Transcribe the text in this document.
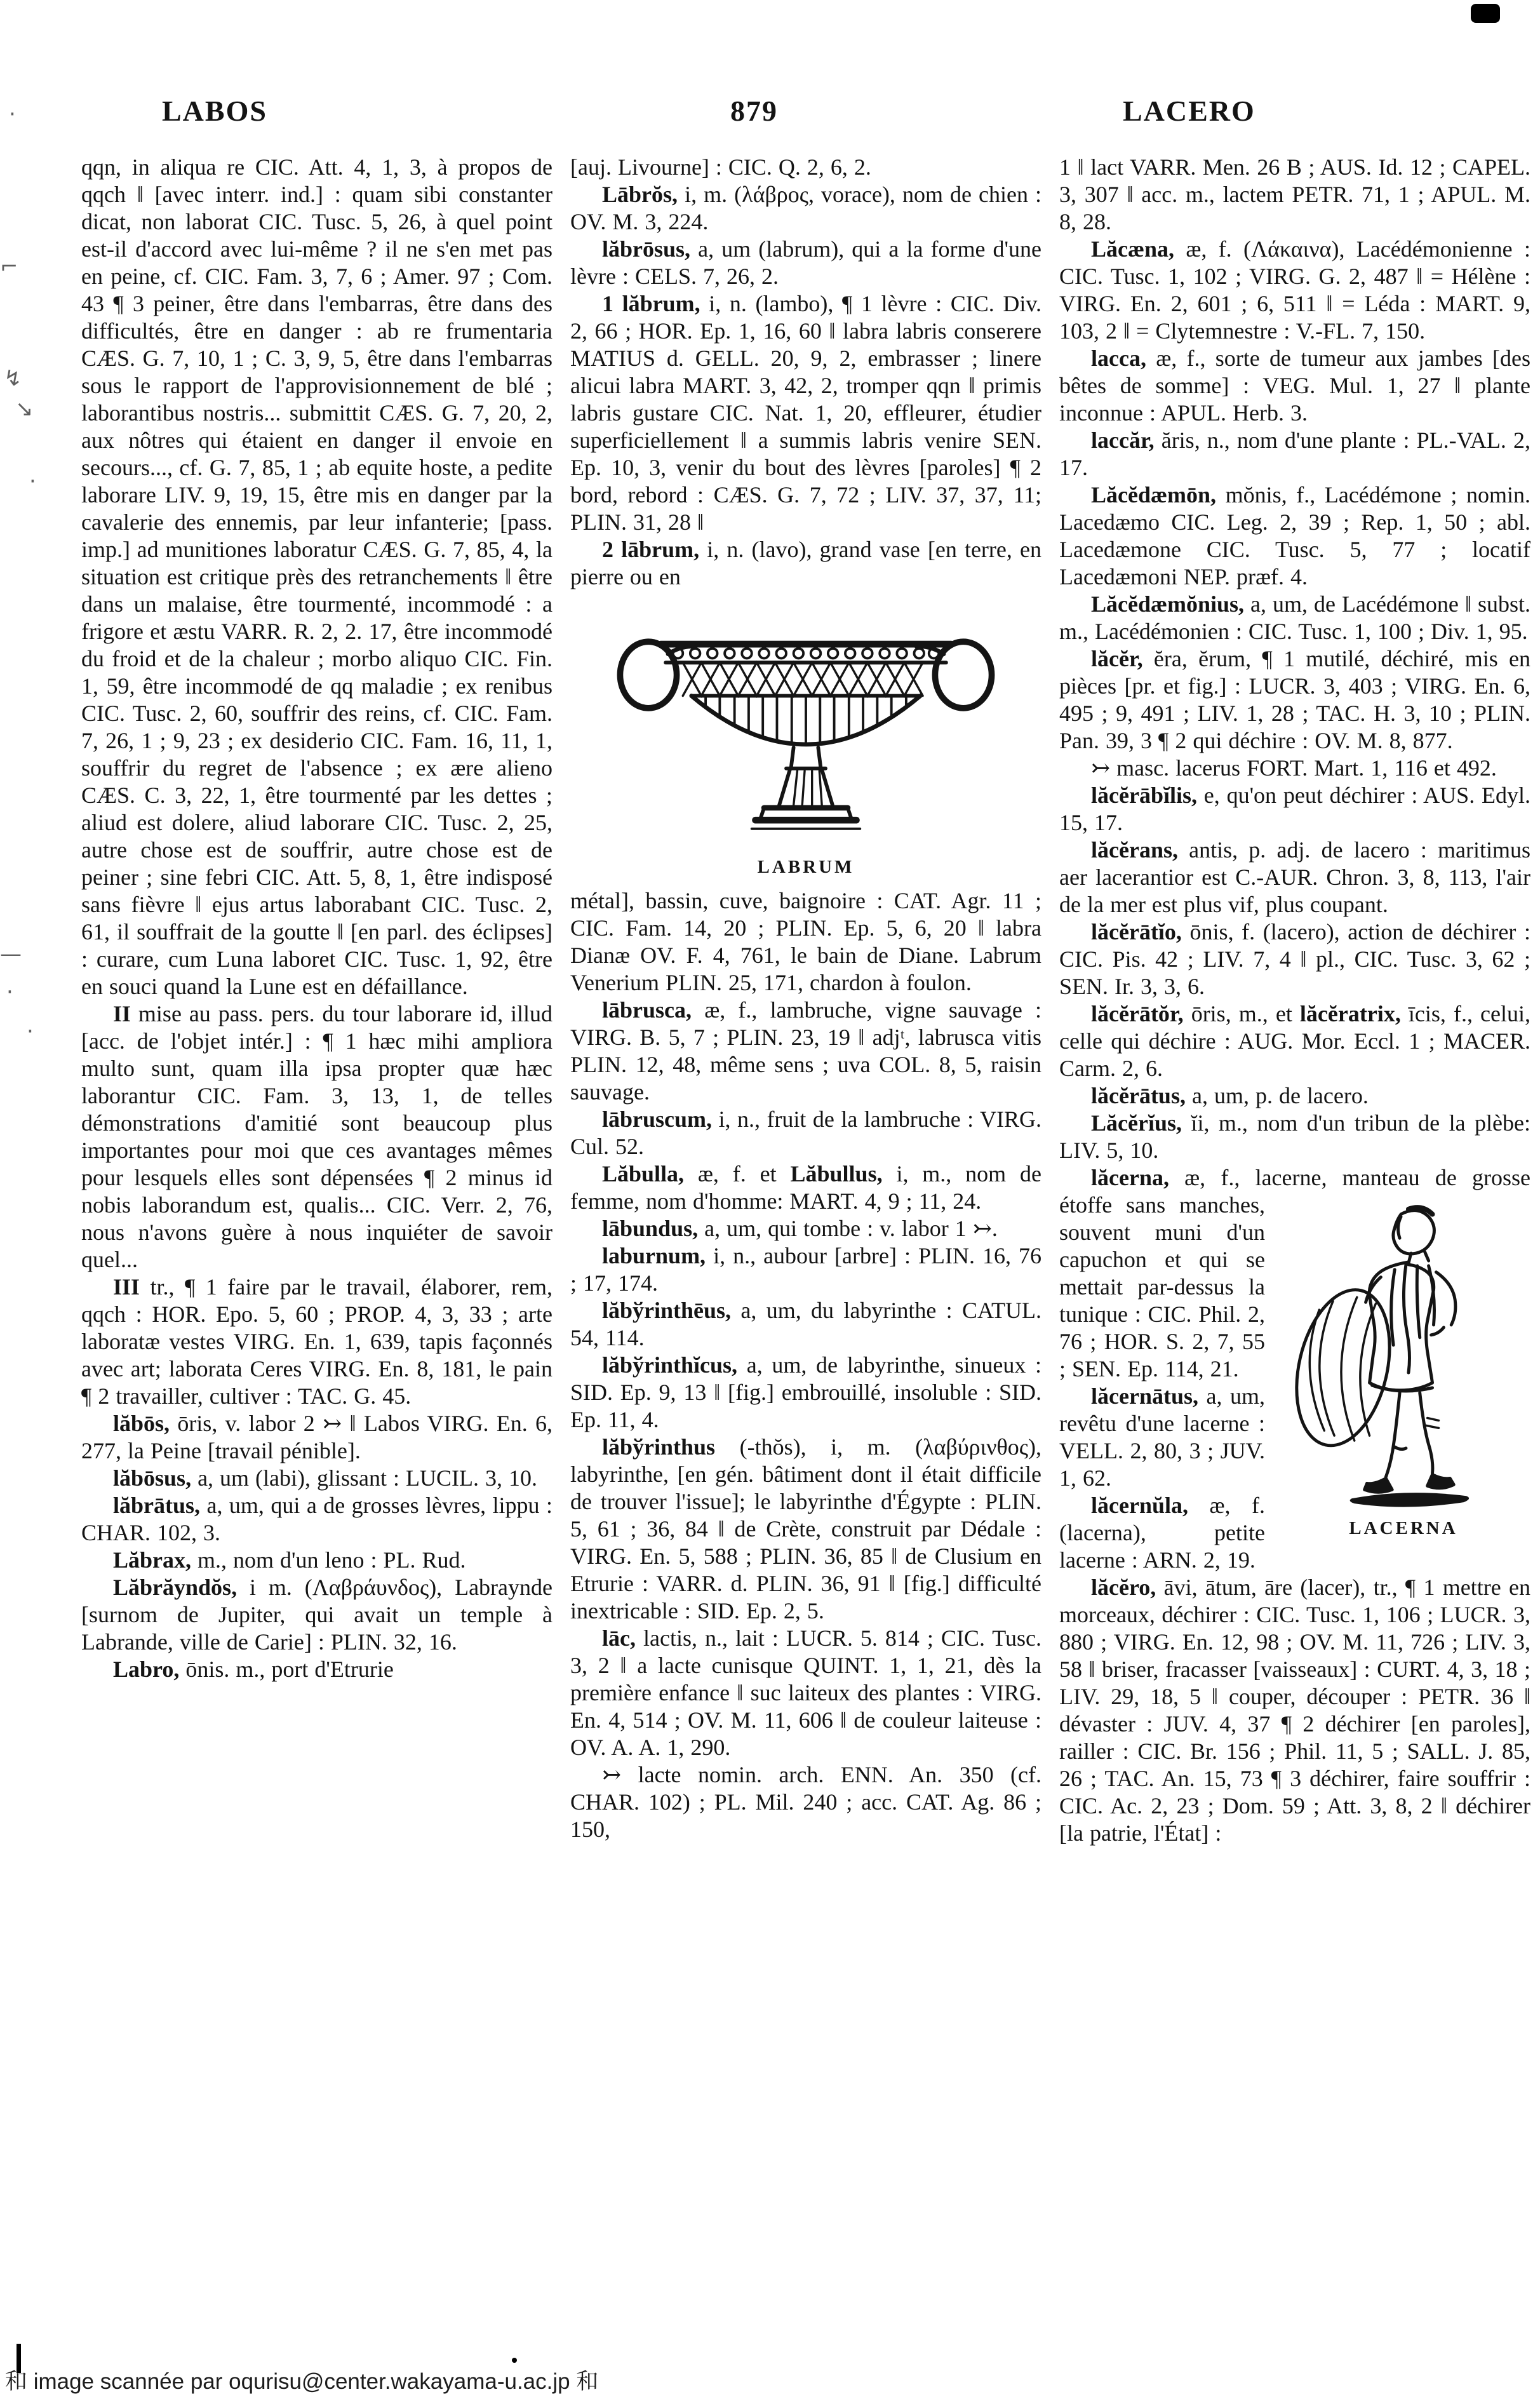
LABOS	879	LACERO

qqn, in aliqua re CIC. Att. 4, 1, 3, à propos de qqch ‖ [avec interr. ind.] : quam sibi constanter dicat, non laborat CIC. Tusc. 5, 26, à quel point est-il d'accord avec lui-même ? il ne s'en met pas en peine, cf. CIC. Fam. 3, 7, 6 ; Amer. 97 ; Com. 43 ¶ 3 peiner, être dans l'embarras, être dans des difficultés, être en danger : ab re frumentaria CÆS. G. 7, 10, 1 ; C. 3, 9, 5, être dans l'embarras sous le rapport de l'approvisionnement de blé ; laborantibus nostris... submittit CÆS. G. 7, 20, 2, aux nôtres qui étaient en danger il envoie en secours..., cf. G. 7, 85, 1 ; ab equite hoste, a pedite laborare LIV. 9, 19, 15, être mis en danger par la cavalerie des ennemis, par leur infanterie; [pass. imp.] ad munitiones laboratur CÆS. G. 7, 85, 4, la situation est critique près des retranchements ‖ être dans un malaise, être tourmenté, incommodé : a frigore et æstu VARR. R. 2, 2. 17, être incommodé du froid et de la chaleur ; morbo aliquo CIC. Fin. 1, 59, être incommodé de qq maladie ; ex renibus CIC. Tusc. 2, 60, souffrir des reins, cf. CIC. Fam. 7, 26, 1 ; 9, 23 ; ex desiderio CIC. Fam. 16, 11, 1, souffrir du regret de l'absence ; ex ære alieno CÆS. C. 3, 22, 1, être tourmenté par les dettes ; aliud est dolere, aliud laborare CIC. Tusc. 2, 25, autre chose est de souffrir, autre chose est de peiner ; sine febri CIC. Att. 5, 8, 1, être indisposé sans fièvre ‖ ejus artus laborabant CIC. Tusc. 2, 61, il souffrait de la goutte ‖ [en parl. des éclipses] : curare, cum Luna laboret CIC. Tusc. 1, 92, être en souci quand la Lune est en défaillance.

II mise au pass. pers. du tour laborare id, illud [acc. de l'objet intér.] : ¶ 1 hæc mihi ampliora multo sunt, quam illa ipsa propter quæ hæc laborantur CIC. Fam. 3, 13, 1, de telles démonstrations d'amitié sont beaucoup plus importantes pour moi que ces avantages mêmes pour lesquels elles sont dépensées ¶ 2 minus id nobis laborandum est, qualis... CIC. Verr. 2, 76, nous n'avons guère à nous inquiéter de savoir quel...

III tr., ¶ 1 faire par le travail, élaborer, rem, qqch : HOR. Epo. 5, 60 ; PROP. 4, 3, 33 ; arte laboratæ vestes VIRG. En. 1, 639, tapis façonnés avec art; laborata Ceres VIRG. En. 8, 181, le pain ¶ 2 travailler, cultiver : TAC. G. 45.

lăbōs, ōris, v. labor 2 ↣ ‖ Labos VIRG. En. 6, 277, la Peine [travail pénible].

lăbōsus, a, um (labi), glissant : LUCIL. 3, 10.

lăbrātus, a, um, qui a de grosses lèvres, lippu : CHAR. 102, 3.

Lăbrax, m., nom d'un leno : PL. Rud.

Lăbrăyndŏs, i m. (Λαβράυνδος), Labraynde [surnom de Jupiter, qui avait un temple à Labrande, ville de Carie] : PLIN. 32, 16.

Labro, ōnis. m., port d'Etrurie

[auj. Livourne] : CIC. Q. 2, 6, 2.

Lābrŏs, i, m. (λάβρος, vorace), nom de chien : OV. M. 3, 224.

lăbrōsus, a, um (labrum), qui a la forme d'une lèvre : CELS. 7, 26, 2.

1 lăbrum, i, n. (lambo), ¶ 1 lèvre : CIC. Div. 2, 66 ; HOR. Ep. 1, 16, 60 ‖ labra labris conserere MATIUS d. GELL. 20, 9, 2, embrasser ; linere alicui labra MART. 3, 42, 2, tromper qqn ‖ primis labris gustare CIC. Nat. 1, 20, effleurer, étudier superficiellement ‖ a summis labris venire SEN. Ep. 10, 3, venir du bout des lèvres [paroles] ¶ 2 bord, rebord : CÆS. G. 7, 72 ; LIV. 37, 37, 11; PLIN. 31, 28 ‖

2 lābrum, i, n. (lavo), grand vase [en terre, en pierre ou en

LABRUM

métal], bassin, cuve, baignoire : CAT. Agr. 11 ; CIC. Fam. 14, 20 ; PLIN. Ep. 5, 6, 20 ‖ labra Dianæ OV. F. 4, 761, le bain de Diane. Labrum Venerium PLIN. 25, 171, chardon à foulon.

lābrusca, æ, f., lambruche, vigne sauvage : VIRG. B. 5, 7 ; PLIN. 23, 19 ‖ adjᵗ, labrusca vitis PLIN. 12, 48, même sens ; uva COL. 8, 5, raisin sauvage.

lābruscum, i, n., fruit de la lambruche : VIRG. Cul. 52.

Lăbulla, æ, f. et Lăbullus, i, m., nom de femme, nom d'homme: MART. 4, 9 ; 11, 24.

lābundus, a, um, qui tombe : v. labor 1 ↣.

laburnum, i, n., aubour [arbre] : PLIN. 16, 76 ; 17, 174.

lăbўrinthēus, a, um, du labyrinthe : CATUL. 54, 114.

lăbўrinthĭcus, a, um, de labyrinthe, sinueux : SID. Ep. 9, 13 ‖ [fig.] embrouillé, insoluble : SID. Ep. 11, 4.

lăbўrinthus (-thŏs), i, m. (λαβύρινθος), labyrinthe, [en gén. bâtiment dont il était difficile de trouver l'issue]; le labyrinthe d'Égypte : PLIN. 5, 61 ; 36, 84 ‖ de Crète, construit par Dédale : VIRG. En. 5, 588 ; PLIN. 36, 85 ‖ de Clusium en Etrurie : VARR. d. PLIN. 36, 91 ‖ [fig.] difficulté inextricable : SID. Ep. 2, 5.

lāc, lactis, n., lait : LUCR. 5. 814 ; CIC. Tusc. 3, 2 ‖ a lacte cunisque QUINT. 1, 1, 21, dès la première enfance ‖ suc laiteux des plantes : VIRG. En. 4, 514 ; OV. M. 11, 606 ‖ de couleur laiteuse : OV. A. A. 1, 290.

↣ lacte nomin. arch. ENN. An. 350 (cf. CHAR. 102) ; PL. Mil. 240 ; acc. CAT. Ag. 86 ; 150,

1 ‖ lact VARR. Men. 26 B ; AUS. Id. 12 ; CAPEL. 3, 307 ‖ acc. m., lactem PETR. 71, 1 ; APUL. M. 8, 28.

Lăcæna, æ, f. (Λάκαινα), Lacédémonienne : CIC. Tusc. 1, 102 ; VIRG. G. 2, 487 ‖ = Hélène : VIRG. En. 2, 601 ; 6, 511 ‖ = Léda : MART. 9, 103, 2 ‖ = Clytemnestre : V.-FL. 7, 150.

lacca, æ, f., sorte de tumeur aux jambes [des bêtes de somme] : VEG. Mul. 1, 27 ‖ plante inconnue : APUL. Herb. 3.

laccăr, ăris, n., nom d'une plante : PL.-VAL. 2, 17.

Lăcĕdæmōn, mŏnis, f., Lacédémone ; nomin. Lacedæmo CIC. Leg. 2, 39 ; Rep. 1, 50 ; abl. Lacedæmone CIC. Tusc. 5, 77 ; locatif Lacedæmoni NEP. præf. 4.

Lăcĕdæmŏnius, a, um, de Lacédémone ‖ subst. m., Lacédémonien : CIC. Tusc. 1, 100 ; Div. 1, 95.

lăcĕr, ĕra, ĕrum, ¶ 1 mutilé, déchiré, mis en pièces [pr. et fig.] : LUCR. 3, 403 ; VIRG. En. 6, 495 ; 9, 491 ; LIV. 1, 28 ; TAC. H. 3, 10 ; PLIN. Pan. 39, 3 ¶ 2 qui déchire : OV. M. 8, 877.

↣ masc. lacerus FORT. Mart. 1, 116 et 492.

lăcĕrābĭlis, e, qu'on peut déchirer : AUS. Edyl. 15, 17.

lăcĕrans, antis, p. adj. de lacero : maritimus aer lacerantior est C.-AUR. Chron. 3, 8, 113, l'air de la mer est plus vif, plus coupant.

lăcĕrātĭo, ōnis, f. (lacero), action de déchirer : CIC. Pis. 42 ; LIV. 7, 4 ‖ pl., CIC. Tusc. 3, 62 ; SEN. Ir. 3, 3, 6.

lăcĕrātŏr, ōris, m., et lăcĕratrix, īcis, f., celui, celle qui déchire : AUG. Mor. Eccl. 1 ; MACER. Carm. 2, 6.

lăcĕrātus, a, um, p. de lacero.

Lăcĕrĭus, ĭi, m., nom d'un tribun de la plèbe: LIV. 5, 10.

lăcerna, æ, f., lacerne, manteau
LACERNA
de grosse étoffe sans manches, souvent muni d'un capuchon et qui se mettait par-dessus la tunique : CIC. Phil. 2, 76 ; HOR. S. 2, 7, 55 ; SEN. Ep. 114, 21.

lăcernātus, a, um, revêtu d'une lacerne : VELL. 2, 80, 3 ; JUV. 1, 62.

lăcernŭla, æ, f. (lacerna), petite lacerne : ARN. 2, 19.

lăcĕro, āvi, ātum, āre (lacer), tr., ¶ 1 mettre en morceaux, déchirer : CIC. Tusc. 1, 106 ; LUCR. 3, 880 ; VIRG. En. 12, 98 ; OV. M. 11, 726 ; LIV. 3, 58 ‖ briser, fracasser [vaisseaux] : CURT. 4, 3, 18 ; LIV. 29, 18, 5 ‖ couper, découper : PETR. 36 ‖ dévaster : JUV. 4, 37 ¶ 2 déchirer [en paroles], railler : CIC. Br. 156 ; Phil. 11, 5 ; SALL. J. 85, 26 ; TAC. An. 15, 73 ¶ 3 déchirer, faire souffrir : CIC. Ac. 2, 23 ; Dom. 59 ; Att. 3, 8, 2 ‖ déchirer [la patrie, l'État] :

·
⌐
↯
↘
·
—
·
·
和 image scannée par oqurisu@center.wakayama-u.ac.jp 和
